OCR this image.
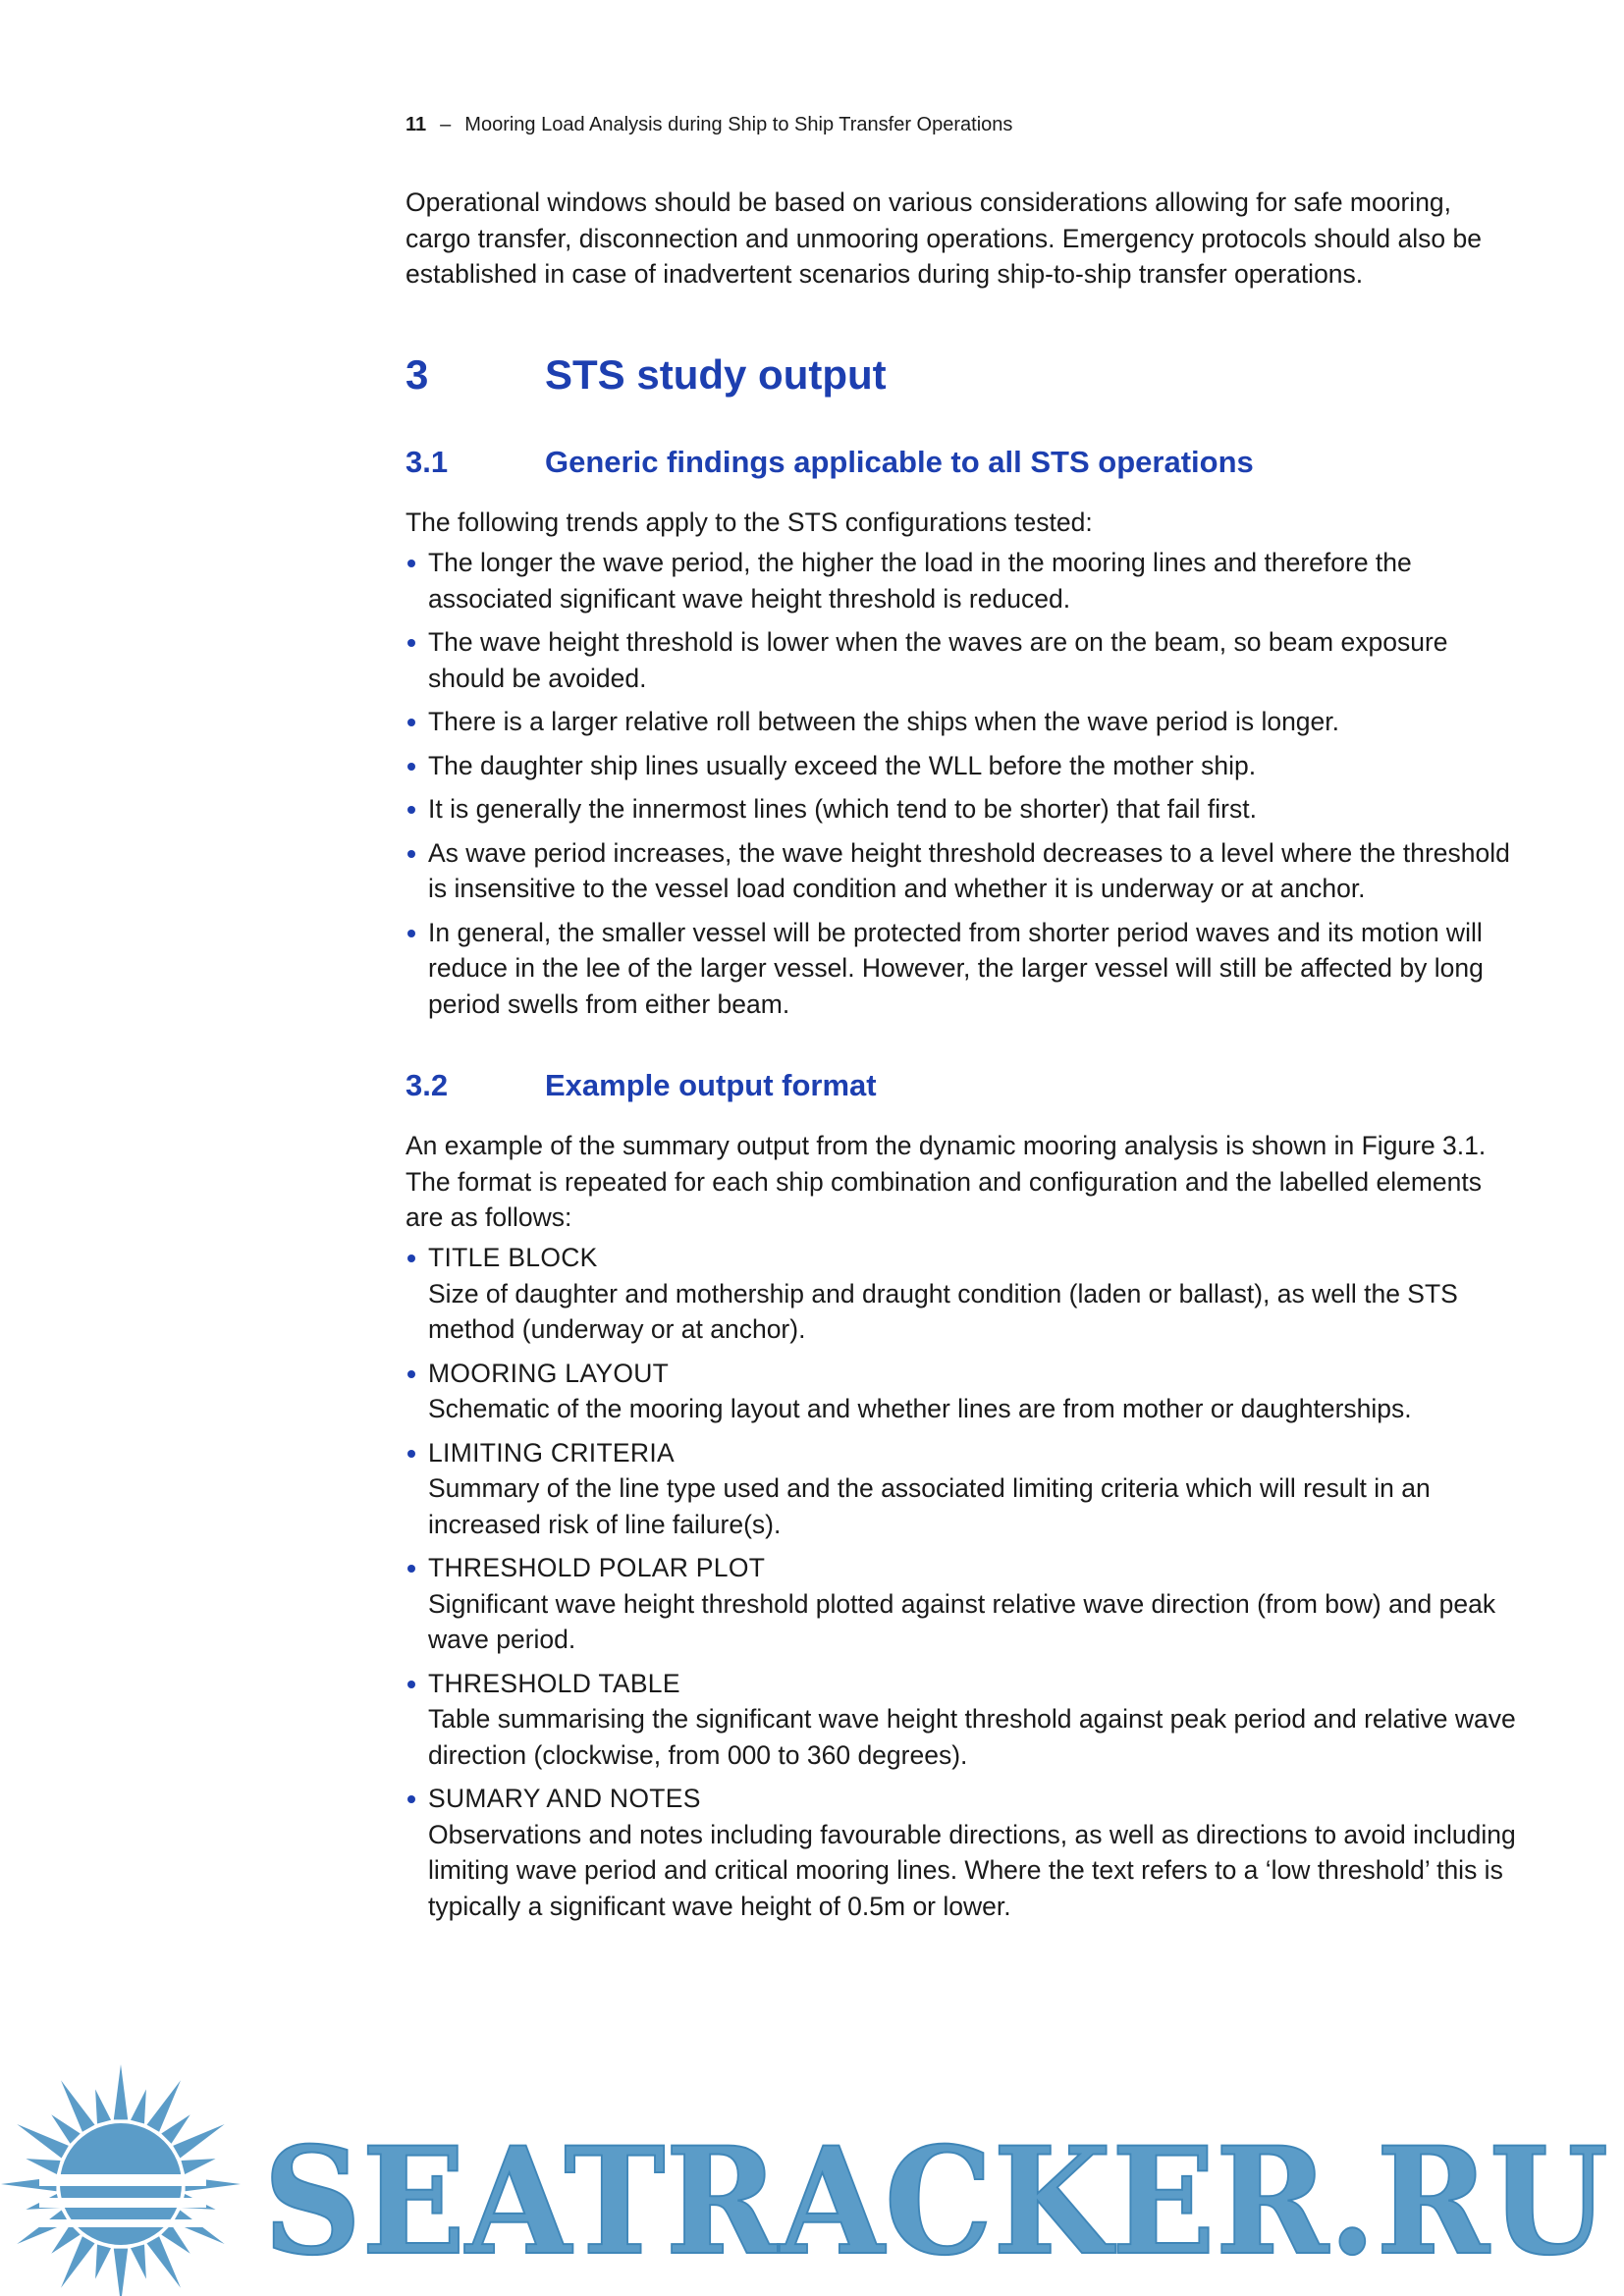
11 – Mooring Load Analysis during Ship to Ship Transfer Operations

Operational windows should be based on various considerations allowing for safe mooring, cargo transfer, disconnection and unmooring operations. Emergency protocols should also be established in case of inadvertent scenarios during ship-to-ship transfer operations.

3	STS study output
3.1	Generic findings applicable to all STS operations

The following trends apply to the STS configurations tested:

The longer the wave period, the higher the load in the mooring lines and therefore the associated significant wave height threshold is reduced.
The wave height threshold is lower when the waves are on the beam, so beam exposure should be avoided.
There is a larger relative roll between the ships when the wave period is longer.
The daughter ship lines usually exceed the WLL before the mother ship.
It is generally the innermost lines (which tend to be shorter) that fail first.
As wave period increases, the wave height threshold decreases to a level where the threshold is insensitive to the vessel load condition and whether it is underway or at anchor.
In general, the smaller vessel will be protected from shorter period waves and its motion will reduce in the lee of the larger vessel. However, the larger vessel will still be affected by long period swells from either beam.
3.2	Example output format

An example of the summary output from the dynamic mooring analysis is shown in Figure 3.1. The format is repeated for each ship combination and configuration and the labelled elements are as follows:

TITLE BLOCK
Size of daughter and mothership and draught condition (laden or ballast), as well the STS method (underway or at anchor).
MOORING LAYOUT
Schematic of the mooring layout and whether lines are from mother or daughterships.
LIMITING CRITERIA
Summary of the line type used and the associated limiting criteria which will result in an increased risk of line failure(s).
THRESHOLD POLAR PLOT
Significant wave height threshold plotted against relative wave direction (from bow) and peak wave period.
THRESHOLD TABLE
Table summarising the significant wave height threshold against peak period and relative wave direction (clockwise, from 000 to 360 degrees).
SUMARY AND NOTES
Observations and notes including favourable directions, as well as directions to avoid including limiting wave period and critical mooring lines. Where the text refers to a ‘low threshold’ this is typically a significant wave height of 0.5m or lower.
SEATRACKER.RU
